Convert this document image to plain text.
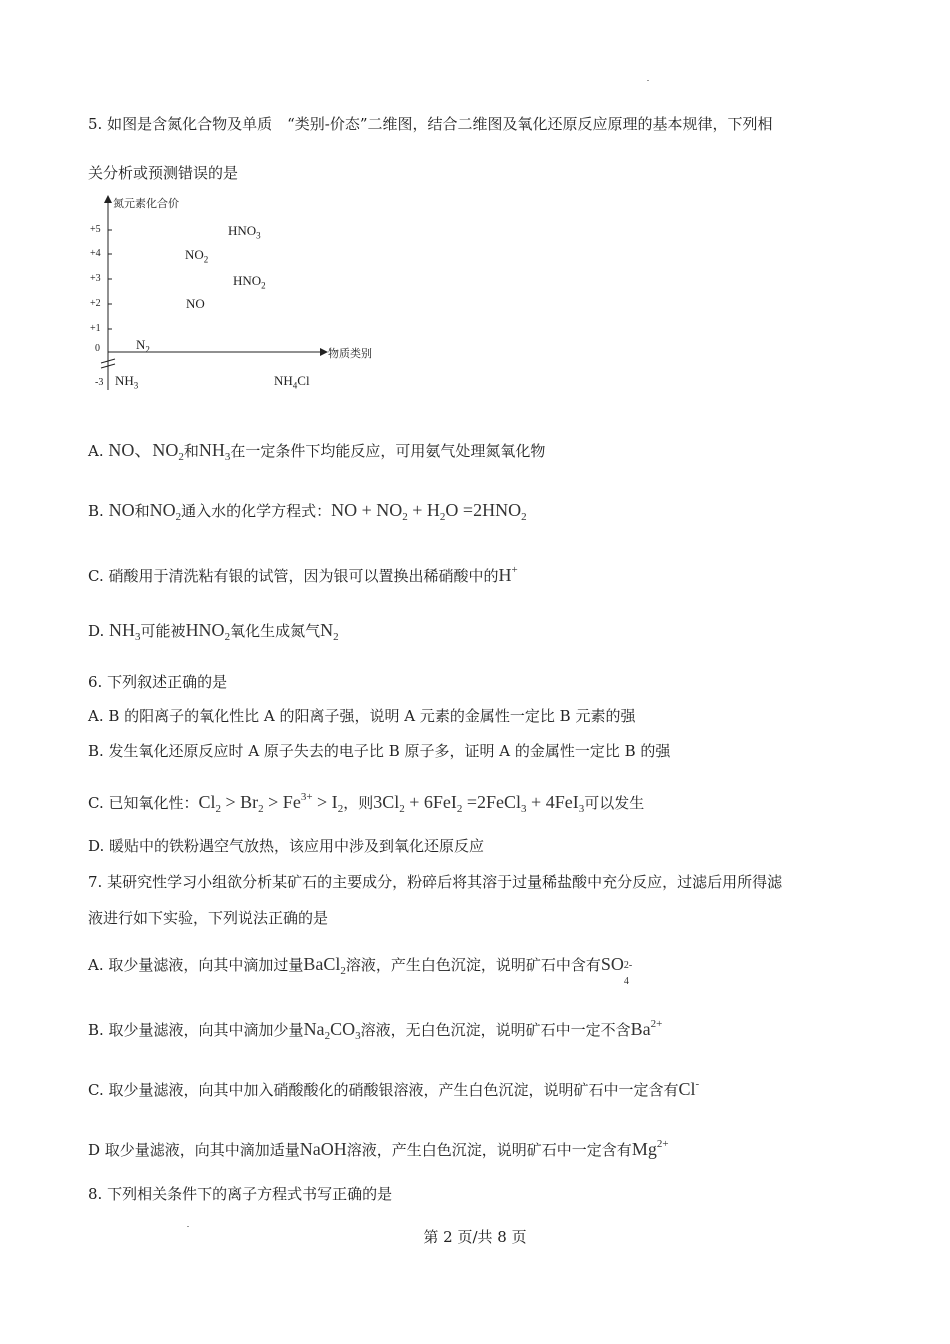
5. 如图是含氮化合物及单质　“类别-价态”二维图，结合二维图及氧化还原反应原理的基本规律，下列相
关分析或预测错误的是
氮元素化合价
物质类别
+5
+4
+3
+2
+1
0
-3
$HNO_3$
$NO_2$
$HNO_2$
NO
$N_2$
$NH_3$	$NH_4Cl$
A. NO、$NO_2$和$NH_3$在一定条件下均能反应，可用氨气处理氮氧化物
B. NO和$NO_2$通入水的化学方程式：NO + $NO_2 + H_2O =2HNO_2$
C. 硝酸用于清洗粘有银的试管，因为银可以置换出稀硝酸中的H+
D. $NH_3$可能被$HNO_2$氧化生成氮气$N_2$
6. 下列叙述正确的是
A. B 的阳离子的氧化性比 A 的阳离子强，说明 A 元素的金属性一定比 B 元素的强
B. 发生氧化还原反应时 A 原子失去的电子比 B 原子多，证明 A 的金属性一定比 B 的强
C. 已知氧化性：$Cl_2 > Br_2 > Fe^{3+} > I_2$，则$3Cl_2 + 6FeI_2$ =2FeCl$_3$ + 4FeI$_3$可以发生
D. 暖贴中的铁粉遇空气放热，该应用中涉及到氧化还原反应
7. 某研究性学习小组欲分析某矿石的主要成分，粉碎后将其溶于过量稀盐酸中充分反应，过滤后用所得滤
液进行如下实验，下列说法正确的是
A. 取少量滤液，向其中滴加过量BaCl$_2$溶液，产生白色沉淀，说明矿石中含有SO 2-
4
B. 取少量滤液，向其中滴加少量$Na_2CO_3$溶液，无白色沉淀，说明矿石中一定不含$Ba^{2+}$
C. 取少量滤液，向其中加入硝酸酸化的硝酸银溶液，产生白色沉淀，说明矿石中一定含有Cl-
D 取少量滤液，向其中滴加适量NaOH溶液，产生白色沉淀，说明矿石中一定含有$Mg^{2+}$
8. 下列相关条件下的离子方程式书写正确的是
第 2 页/共 8 页
